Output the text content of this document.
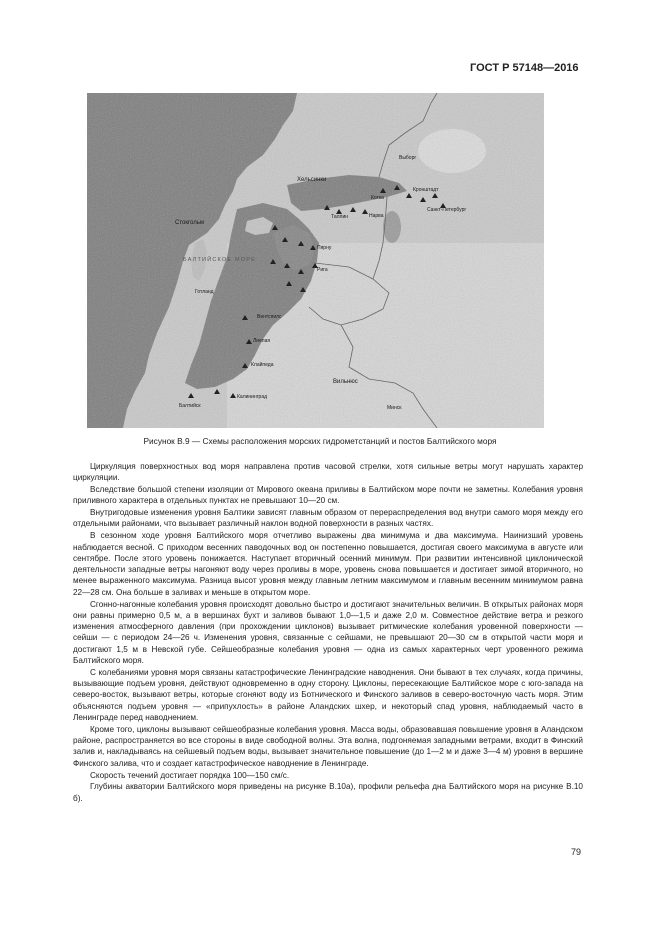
ГОСТ Р 57148—2016
БАЛТИЙСКОЕ МОРЕ
Стокгольм
Хельсинки
Выборг
Вильнюс
Минск
Готланд
Калининград
Клайпеда
Лиепая
Вентспилс
Рига
Пярну
Таллин
Кронштадт
Санкт-Петербург
Котка
Нарва
Балтийск
Рисунок В.9 — Схемы расположения морских гидрометстанций и постов Балтийского моря

Циркуляция поверхностных вод моря направлена против часовой стрелки, хотя сильные ветры могут нарушать характер циркуляции.

Вследствие большой степени изоляции от Мирового океана приливы в Балтийском море почти не заметны. Колебания уровня приливного характера в отдельных пунктах не превышают 10—20 см.

Внутригодовые изменения уровня Балтики зависят главным образом от перераспределения вод внутри самого моря между его отдельными районами, что вызывает различный наклон водной поверхности в разных частях.

В сезонном ходе уровня Балтийского моря отчетливо выражены два минимума и два максимума. Наинизший уровень наблюдается весной. С приходом весенних паводочных вод он постепенно повышается, достигая своего максимума в августе или сентябре. После этого уровень понижается. Наступает вторичный осенний минимум. При развитии интенсивной циклонической деятельности западные ветры нагоняют воду через проливы в море, уровень снова повышается и достигает зимой вторичного, но менее выраженного максимума. Разница высот уровня между главным летним максимумом и главным весенним минимумом равна 22—28 см. Она больше в заливах и меньше в открытом море.

Сгонно-нагонные колебания уровня происходят довольно быстро и достигают значительных величин. В открытых районах моря они равны примерно 0,5 м, а в вершинах бухт и заливов бывают 1,0—1,5 и даже 2,0 м. Совместное действие ветра и резкого изменения атмосферного давления (при прохождении циклонов) вызывает ритмические колебания уровенной поверхности — сейши — с периодом 24—26 ч. Изменения уровня, связанные с сейшами, не превышают 20—30 см в открытой части моря и достигают 1,5 м в Невской губе. Сейшеобразные колебания уровня — одна из самых характерных черт уровенного режима Балтийского моря.

С колебаниями уровня моря связаны катастрофические Ленинградские наводнения. Они бывают в тех случаях, когда причины, вызывающие подъем уровня, действуют одновременно в одну сторону. Циклоны, пересекающие Балтийское море с юго-запада на северо-восток, вызывают ветры, которые сгоняют воду из Ботнического и Финского заливов в северо-восточную часть моря. Этим объясняются подъем уровня — «припухлость» в районе Аландских шхер, и некоторый спад уровня, наблюдаемый часто в Ленинграде перед наводнением.

Кроме того, циклоны вызывают сейшеобразные колебания уровня. Масса воды, образовавшая повышение уровня в Аландском районе, распространяется во все стороны в виде свободной волны. Эта волна, подгоняемая западными ветрами, входит в Финский залив и, накладываясь на сейшевый подъем воды, вызывает значительное повышение (до 1—2 м и даже 3—4 м) уровня в вершине Финского залива, что и создает катастрофическое наводнение в Ленинграде.

Скорость течений достигает порядка 100—150 см/с.

Глубины акватории Балтийского моря приведены на рисунке В.10а), профили рельефа дна Балтийского моря на рисунке В.10 б).

79
